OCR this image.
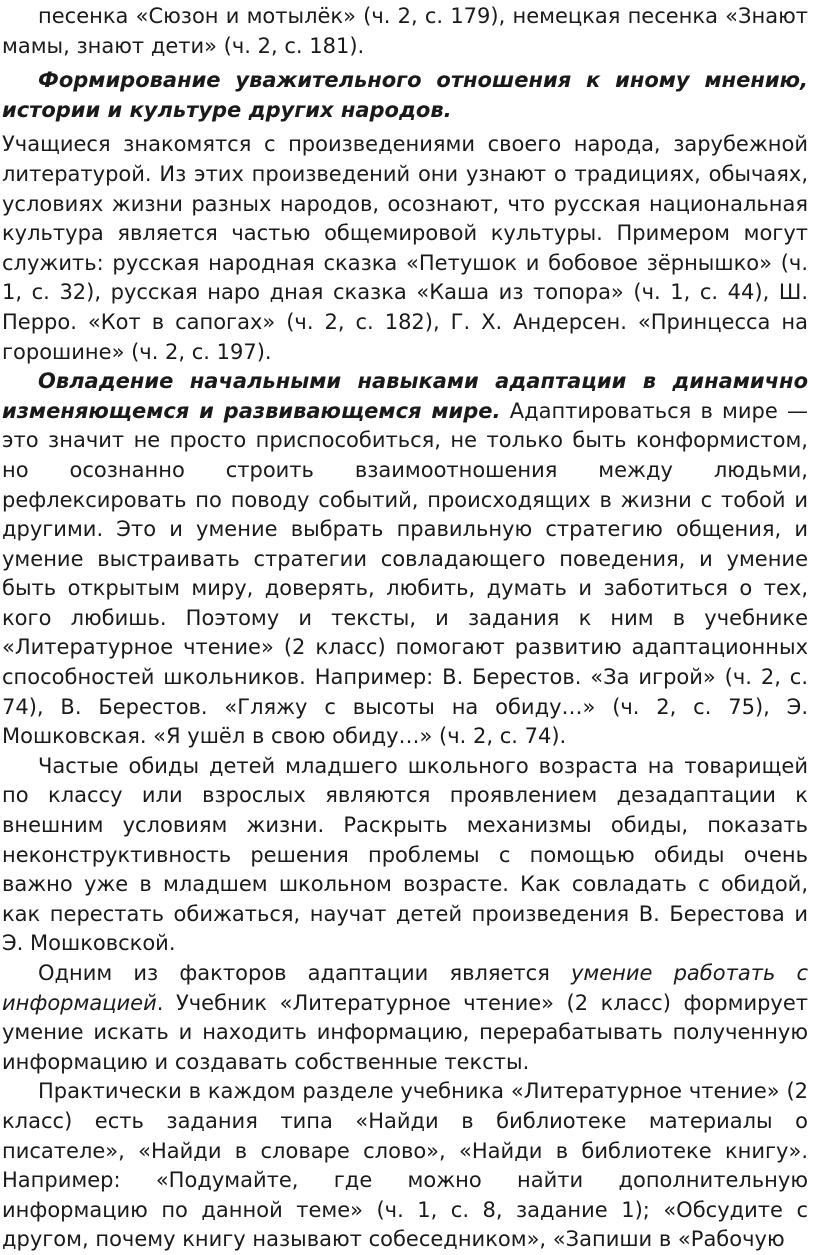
песенка «Сюзон и мотылёк» (ч. 2, с. 179), немецкая песенка «Знают мамы, знают дети» (ч. 2, с. 181).

Формирование уважительного отношения к иному мнению, истории и культуре других народов.

Учащиеся знакомятся с произведениями своего народа, зарубежной литературой. Из этих произведений они узнают о традициях, обычаях, условиях жизни разных народов, осознают, что русская национальная культура является частью общемировой культуры. Примером могут служить: русская народная сказка «Петушок и бобовое зёрнышко» (ч. 1, с. 32), русская наро дная сказка «Каша из топора» (ч. 1, с. 44), Ш. Перро. «Кот в сапогах» (ч. 2, с. 182), Г. Х. Андерсен. «Принцесса на горошине» (ч. 2, с. 197).

Овладение начальными навыками адаптации в динамично изменяющемся и развивающемся мире. Адаптироваться в мире — это значит не просто приспособиться, не только быть конформистом, но осознанно строить взаимоотношения между людьми, рефлексировать по поводу событий, происходящих в жизни с тобой и другими. Это и умение выбрать правильную стратегию общения, и умение выстраивать стратегии совладающего поведения, и умение быть открытым миру, доверять, любить, думать и заботиться о тех, кого любишь. Поэтому и тексты, и задания к ним в учебнике «Литературное чтение» (2 класс) помогают развитию адаптационных способностей школьников. Например: В. Берестов. «За игрой» (ч. 2, с. 74), В. Берестов. «Гляжу с высоты на обиду…» (ч. 2, с. 75), Э. Мошковская. «Я ушёл в свою обиду…» (ч. 2, с. 74).

Частые обиды детей младшего школьного возраста на товарищей по классу или взрослых являются проявлением дезадаптации к внешним условиям жизни. Раскрыть механизмы обиды, показать неконструктивность решения проблемы с помощью обиды очень важно уже в младшем школьном возрасте. Как совладать с обидой, как перестать обижаться, научат детей произведения В. Берестова и Э. Мошковской.

Одним из факторов адаптации является умение работать с информацией. Учебник «Литературное чтение» (2 класс) формирует умение искать и находить информацию, перерабатывать полученную информацию и создавать собственные тексты.

Практически в каждом разделе учебника «Литературное чтение» (2 класс) есть задания типа «Найди в библиотеке материалы о писателе», «Найди в словаре слово», «Найди в библиотеке книгу». Например: «Подумайте, где можно найти дополнительную информацию по данной теме» (ч. 1, с. 8, задание 1); «Обсудите с другом, почему книгу называют собеседником», «Запиши в «Рабочую
